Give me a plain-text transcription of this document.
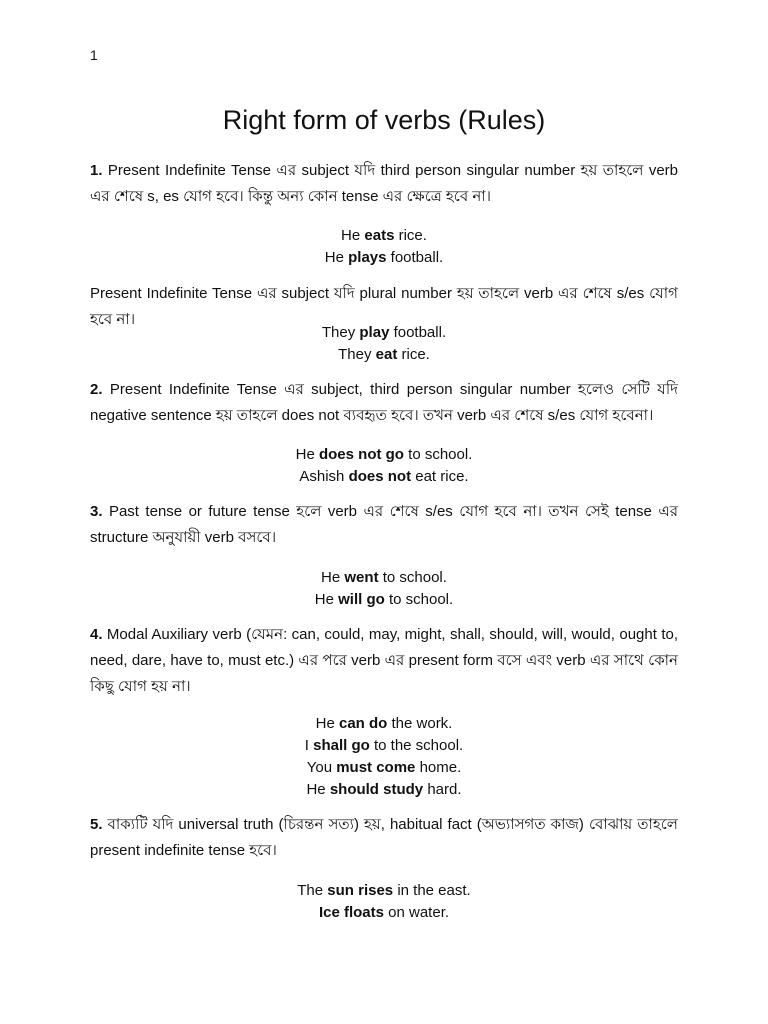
1
Right form of verbs (Rules)

1. Present Indefinite Tense এর subject যদি third person singular number হয় তাহলে verb এর শেষে s, es যোগ হবে। কিন্তু অন্য কোন tense এর ক্ষেত্রে হবে না।

He eats rice.
He plays football.

Present Indefinite Tense এর subject যদি plural number হয় তাহলে verb এর শেষে s/es যোগ হবে না।

They play football.
They eat rice.

2. Present Indefinite Tense এর subject, third person singular number হলেও সেটি যদি negative sentence হয় তাহলে does not ব্যবহৃত হবে। তখন verb এর শেষে s/es যোগ হবেনা।

He does not go to school.
Ashish does not eat rice.

3. Past tense or future tense হলে verb এর শেষে s/es যোগ হবে না। তখন সেই tense এর structure অনুযায়ী verb বসবে।

He went to school.
He will go to school.

4. Modal Auxiliary verb (যেমন: can, could, may, might, shall, should, will, would, ought to, need, dare, have to, must etc.) এর পরে verb এর present form বসে এবং verb এর সাথে কোন কিছু যোগ হয় না।

He can do the work.
I shall go to the school.
You must come home.
He should study hard.

5. বাক্যটি যদি universal truth (চিরন্তন সত্য) হয়, habitual fact (অভ্যাসগত কাজ) বোঝায় তাহলে present indefinite tense হবে।

The sun rises in the east.
Ice floats on water.
